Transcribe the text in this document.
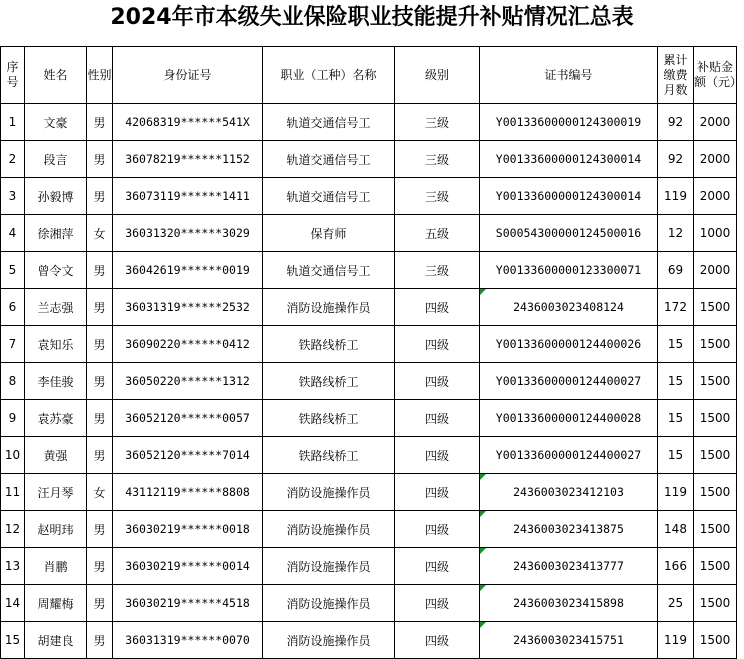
2024年市本级失业保险职业技能提升补贴情况汇总表
序号	姓名	性别	身份证号	职业（工种）名称	级别	证书编号	累计缴费月数	补贴金额（元）
1	文豪	男	42068319******541X	轨道交通信号工	三级	Y00133600000124300019	92	2000
2	段言	男	36078219******1152	轨道交通信号工	三级	Y00133600000124300014	92	2000
3	孙毅博	男	36073119******1411	轨道交通信号工	三级	Y00133600000124300014	119	2000
4	徐湘萍	女	36031320******3029	保育师	五级	S00054300000124500016	12	1000
5	曾令文	男	36042619******0019	轨道交通信号工	三级	Y00133600000123300071	69	2000
6	兰志强	男	36031319******2532	消防设施操作员	四级	2436003023408124	172	1500
7	袁知乐	男	36090220******0412	铁路线桥工	四级	Y00133600000124400026	15	1500
8	李佳骏	男	36050220******1312	铁路线桥工	四级	Y00133600000124400027	15	1500
9	袁苏豪	男	36052120******0057	铁路线桥工	四级	Y00133600000124400028	15	1500
10	黄强	男	36052120******7014	铁路线桥工	四级	Y00133600000124400027	15	1500
11	汪月琴	女	43112119******8808	消防设施操作员	四级	2436003023412103	119	1500
12	赵明玮	男	36030219******0018	消防设施操作员	四级	2436003023413875	148	1500
13	肖鹏	男	36030219******0014	消防设施操作员	四级	2436003023413777	166	1500
14	周耀梅	男	36030219******4518	消防设施操作员	四级	2436003023415898	25	1500
15	胡建良	男	36031319******0070	消防设施操作员	四级	2436003023415751	119	1500
